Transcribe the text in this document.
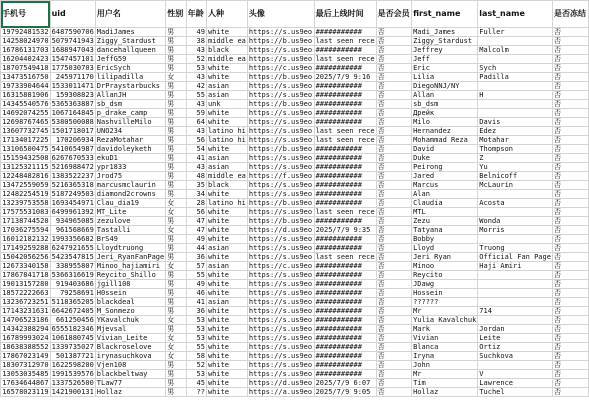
手机号	uid	用户名	性别	年龄	人种	头像	最后上线时间	是否会员	first_name	last_name	是否冻结
19792481532	6487590706	MadiJames	男	49	white	https://s.us9eo	###########	否	Madi_James	Fuller	否
14258024970	5079741943	Ziggy_Stardust	男	38	middle ea	https://b.us9eo	last seen rece	否	Ziggy_Stardust		否
16786131703	1688947043	dancehallqueen	男	43	black	https://s.us9eo	###########	否	Jeffrey	Malcolm	否
16204402423	1547457101	JeffG59	男	52	middle ea	https://s.us9eo	last seen rece	否	Jeff		否
18707549418	1775030703	EricSych	男	53	white	https://c.us9eo	###########	否	Eric	Sych	否
13473516750	245971170	lilipadilla	女	43	white	https://b.us9eo	2025/7/9 9:16	否	Lilia	Padilla	否
19733904644	1533011471	DrPraystarbucks	男	42	asian	https://s.us9eo	###########	否	DiegoNNJ/NY		否
16315881906	159308823	AllanJH	男	55	asian	https://s.us9eo	###########	否	Allan	H	否
14345540576	5365363887	sb_dsm	男	43	unk	https://b.us9eo	###########	否	sb_dsm		否
14692074255	1067164845	p_drake_camp	男	59	white	https://s.us9eo	###########	否	Дрейк		否
12698767465	5380500088	NashvilleMilo	男	64	white	https://s.us9eo	###########	否	Milo	Davis	否
13607732745	1501718017	UNO234	男	43	latino hi	https://s.us9eo	last seen rece	否	Hernandez	Edez	否
17134017225	170206934	RezaMotahar	男	56	latino hi	https://s.us9eo	last seen rece	否	Mohammad Reza	Motahar	否
13106500475	5410654987	davidoleyketh	男	54	white	https://b.us9eo	###########	否	David	Thompson	否
15159432508	6267670533	ekuD1	男	41	asian	https://s.us9eo	###########	否	Duke	Z	否
13125321115	5216988472	ypr1833	男	43	asian	https://s.us9eo	###########	否	Peirong	Yu	否
12248482816	1383522237	Jrod75	男	48	middle ea	https://f.us9eo	###########	否	Jared	Belnicoff	否
13472559059	5216365318	marcusmclaurin	男	35	black	https://s.us9eo	###########	否	Marcus	McLaurin	否
12482254519	5187249503	diamond2crowns	男	34	white	https://s.us9eo	###########	否	Alan		否
13239753558	1693454971	Clau_dia19	女	28	latino hi	https://b.us9eo	###########	否	Claudia	Acosta	否
17575531083	6499961392	MT_Lite	女	56	white	https://s.us9eo	last seen rece	否	MTL		否
17138744520	934965085	zezulove	男	47	white	https://b.us9eo	###########	否	Zezu	Wonda	否
17036275594	961568669	Tastalli	女	47	white	https://d.us9eo	2025/7/9 9:35	否	Tatyana	Morris	否
16012182132	1993356682	BrS49	男	49	white	https://s.us9eo	###########	否	Bobby		否
17149259288	6247921655	Lloydtruong	男	44	asian	https://s.us9eo	###########	否	Lloyd	Truong	否
15042056256	5423547815	Jeri_RyanFanPage	男	36	white	https://s.us9eo	last seen rece	否	Jeri Ryan	Official Fan Page	否
12673340158	338955807	Minoo_hajiamiri	女	57	asian	https://c.us9eo	###########	否	Minoo	Haji Amiri	否
17867841718	5366316619	Reycito_Shillo	男	55	white	https://s.us9eo	###########	否	Reycito		否
19013157280	919403686	jgill108	男	49	white	https://s.us9eo	###########	否	JDawg		否
18572222663	79258691	H0ssein	男	46	white	https://s.us9eo	###########	否	Hossein		否
13236723251	5118365205	blackdeal	男	41	asian	https://s.us9eo	###########	否	??????		否
17143231631	6642672405	M_Sonmezo	男	36	white	https://s.us9eo	###########	否	Mr	714	否
14706523186	661250456	YKavalchuk	女	53	white	https://s.us9eo	###########	否	Yulia Kavalchuk		否
14342388294	6555182346	Mjevsal	男	53	white	https://s.us9eo	###########	否	Mark	Jordan	否
16789993024	1061880745	Vivian_Leite	女	53	white	https://s.us9eo	###########	否	Vivian	Leite	否
18638388552	1339735027	Blackroselove	女	55	white	https://s.us9eo	###########	否	Blanca	Ortiz	否
17867023149	501387721	irynasuchkova	女	58	white	https://s.us9eo	###########	否	Iryna	Suchkova	否
18307312970	1622598200	Vjen108	男	52	white	https://s.us9eo	###########	否	John		否
13053035485	1991539576	blackbeltway	男	53	white	https://s.us9eo	###########	否	Mr	V	否
17634644867	1337526500	TLaw77	男	45	white	https://d.us9eo	2025/7/9 6:07	否	Tim	Lawrence	否
16578023119	1421900131	Hollaz	男	??	white	https://a.us9eo	2025/7/9 9:05	否	Hollaz	Tuchel	否
